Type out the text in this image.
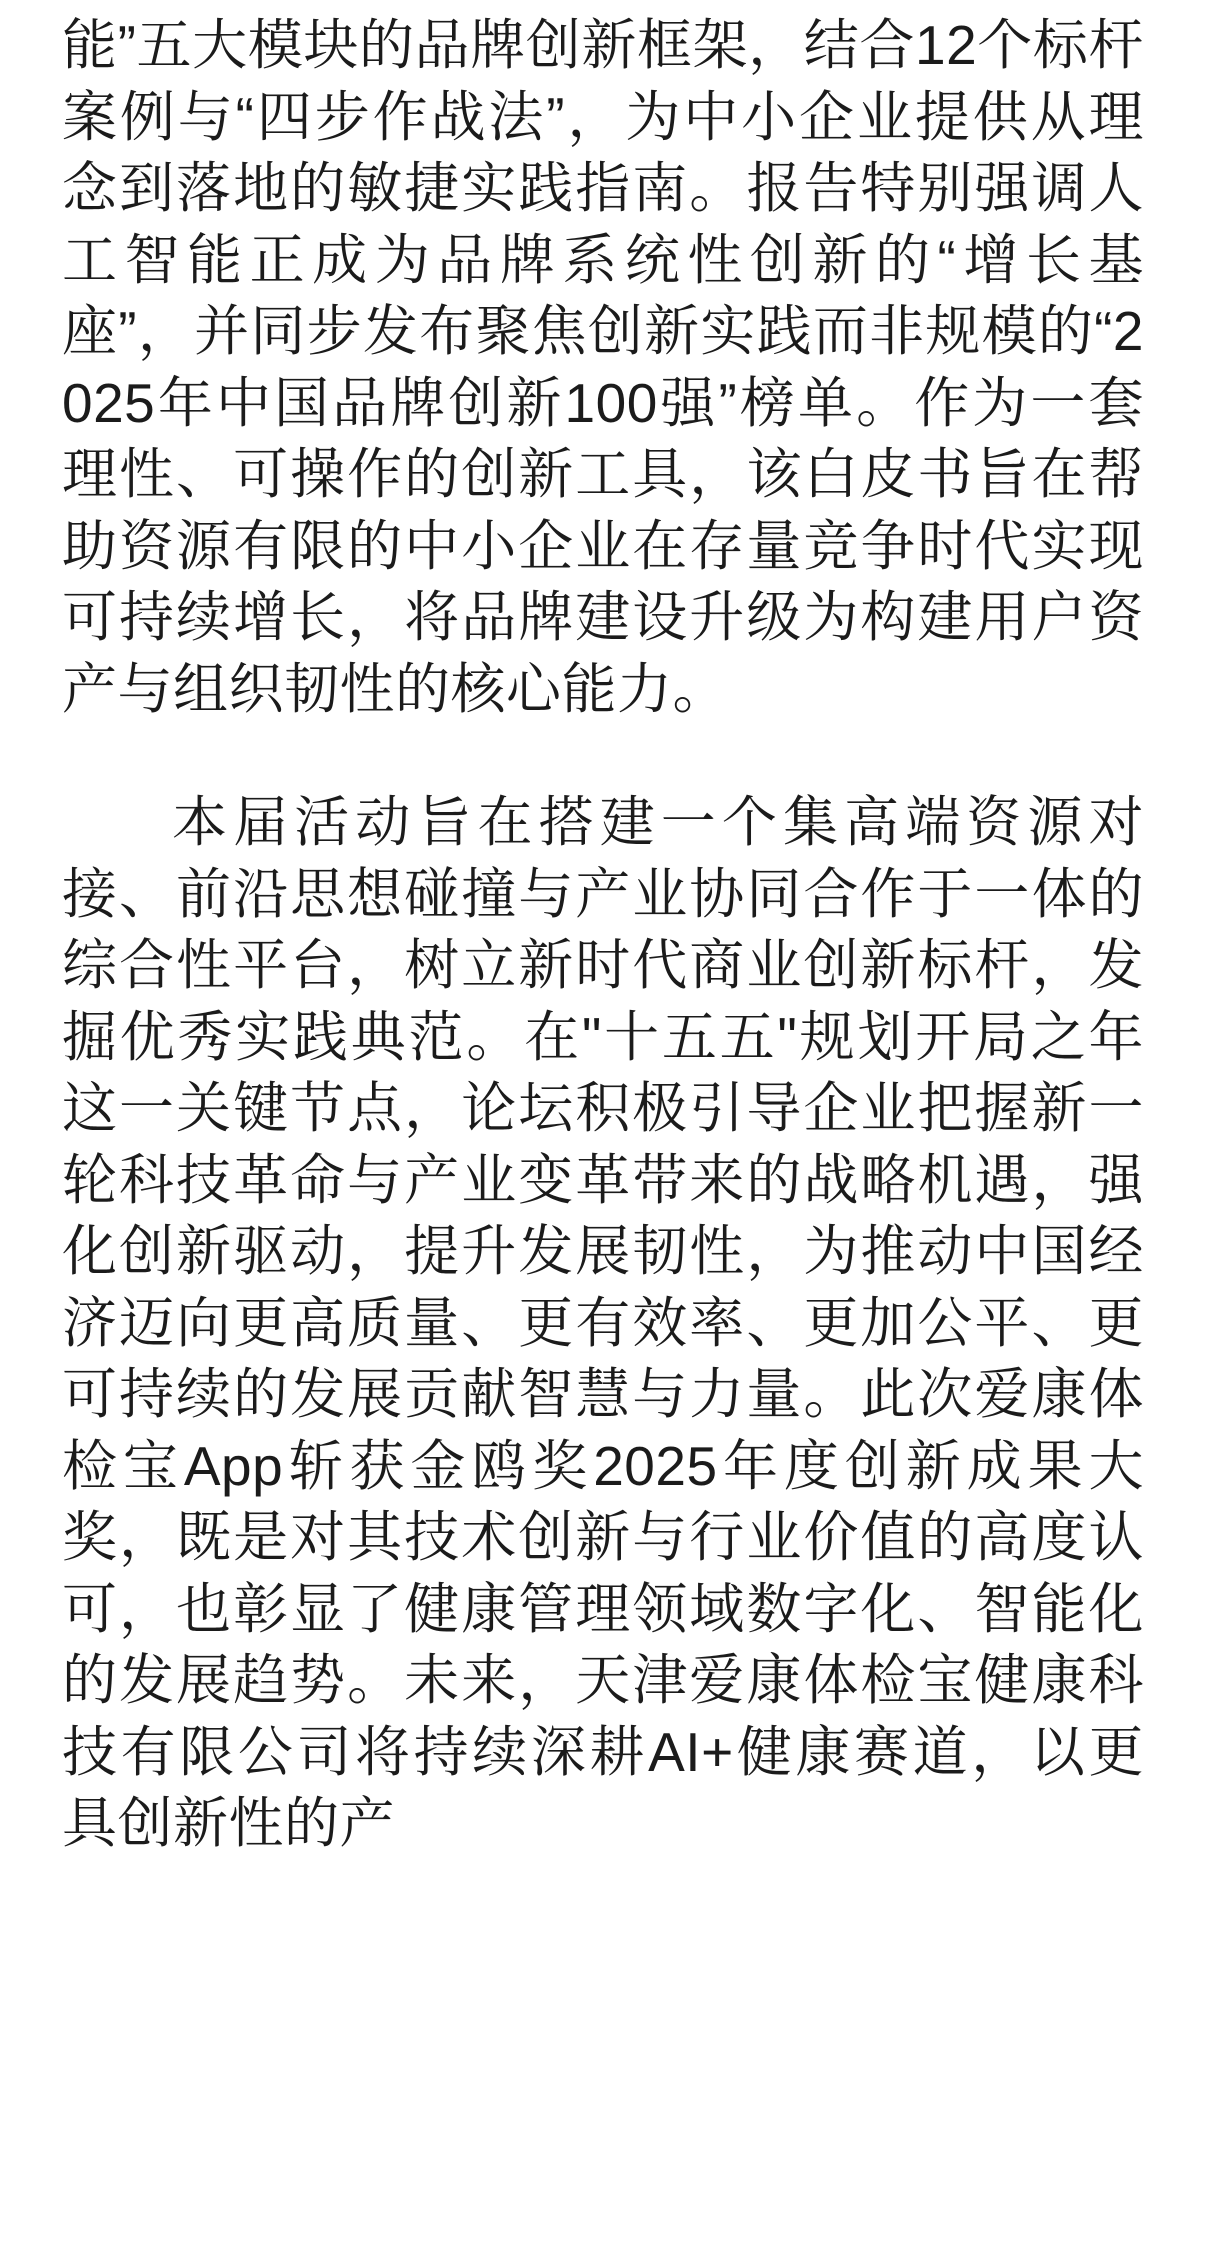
能”五大模块的品牌创新框架，结合12个标杆案例与“四步作战法”，为中小企业提供从理念到落地的敏捷实践指南。报告特别强调人工智能正成为品牌系统性创新的“增长基座”，并同步发布聚焦创新实践而非规模的“2025年中国品牌创新100强”榜单。作为一套理性、可操作的创新工具，该白皮书旨在帮助资源有限的中小企业在存量竞争时代实现可持续增长，将品牌建设升级为构建用户资产与组织韧性的核心能力。

本届活动旨在搭建一个集高端资源对接、前沿思想碰撞与产业协同合作于一体的综合性平台，树立新时代商业创新标杆，发掘优秀实践典范。在"十五五"规划开局之年这一关键节点，论坛积极引导企业把握新一轮科技革命与产业变革带来的战略机遇，强化创新驱动，提升发展韧性，为推动中国经济迈向更高质量、更有效率、更加公平、更可持续的发展贡献智慧与力量。此次爱康体检宝App斩获金鸥奖2025年度创新成果大奖，既是对其技术创新与行业价值的高度认可，也彰显了健康管理领域数字化、智能化的发展趋势。未来，天津爱康体检宝健康科技有限公司将持续深耕AI+健康赛道，以更具创新性的产
